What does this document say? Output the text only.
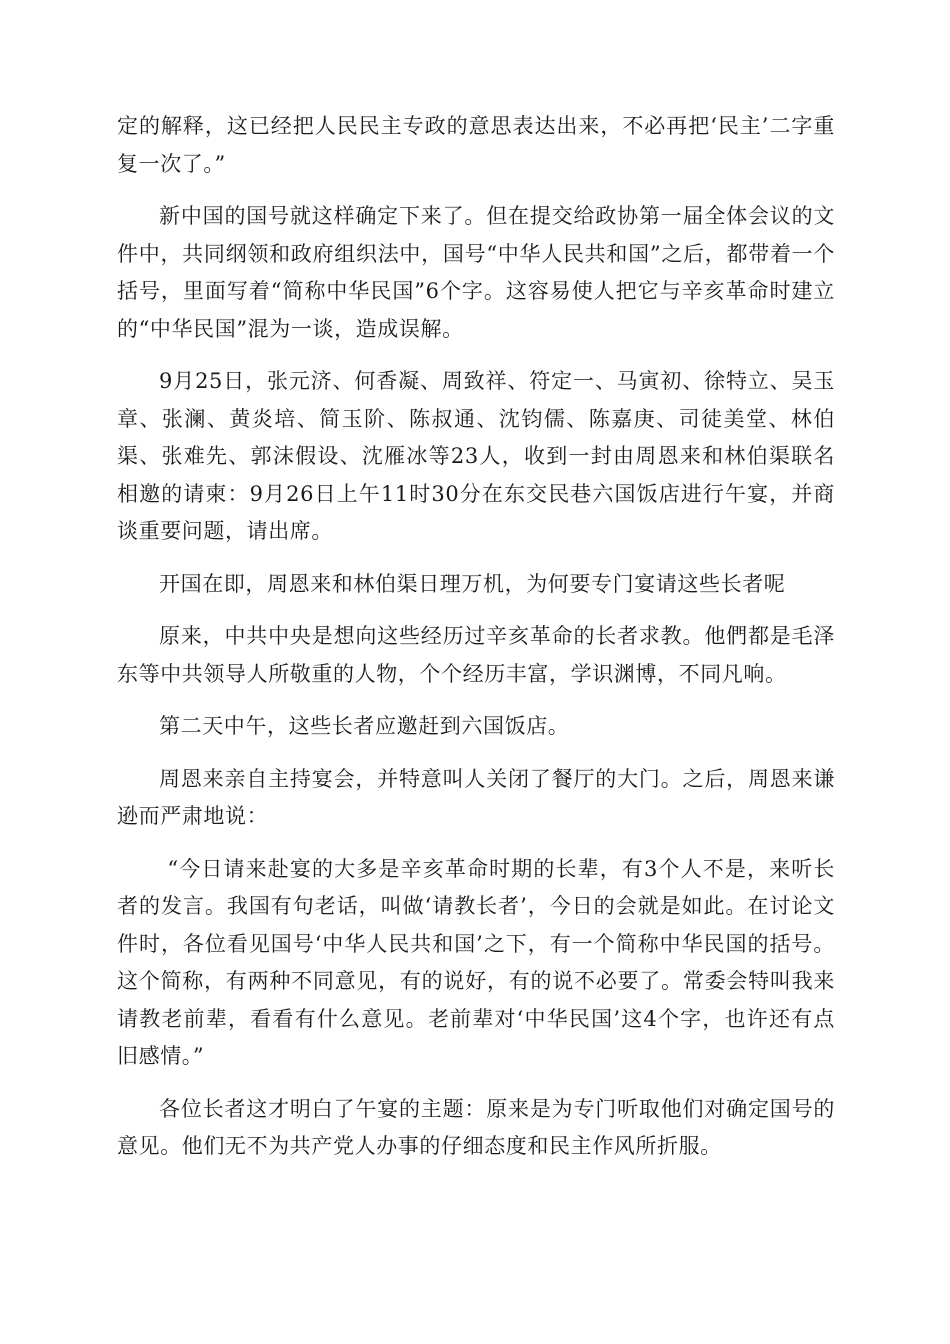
定的解释，这已经把人民民主专政的意思表达出来，不必再把‘民主’二字重复一次了。”

新中国的国号就这样确定下来了。但在提交给政协第一届全体会议的文件中，共同纲领和政府组织法中，国号“中华人民共和国”之后，都带着一个括号，里面写着“简称中华民国”6个字。这容易使人把它与辛亥革命时建立的“中华民国”混为一谈，造成误解。

9月25日，张元济、何香凝、周致祥、符定一、马寅初、徐特立、吴玉章、张澜、黄炎培、简玉阶、陈叔通、沈钧儒、陈嘉庚、司徒美堂、林伯渠、张难先、郭沫假设、沈雁冰等23人，收到一封由周恩来和林伯渠联名相邀的请柬：9月26日上午11时30分在东交民巷六国饭店进行午宴，并商谈重要问题，请出席。

开国在即，周恩来和林伯渠日理万机，为何要专门宴请这些长者呢

原来，中共中央是想向这些经历过辛亥革命的长者求教。他們都是毛泽东等中共领导人所敬重的人物，个个经历丰富，学识渊博，不同凡响。

第二天中午，这些长者应邀赶到六国饭店。

周恩来亲自主持宴会，并特意叫人关闭了餐厅的大门。之后，周恩来谦逊而严肃地说：

“今日请来赴宴的大多是辛亥革命时期的长辈，有3个人不是，来听长者的发言。我国有句老话，叫做‘请教长者’，今日的会就是如此。在讨论文件时，各位看见国号‘中华人民共和国’之下，有一个简称中华民国的括号。这个简称，有两种不同意见，有的说好，有的说不必要了。常委会特叫我来请教老前辈，看看有什么意见。老前辈对‘中华民国’这4个字，也许还有点旧感情。”

各位长者这才明白了午宴的主题：原来是为专门听取他们对确定国号的意见。他们无不为共产党人办事的仔细态度和民主作风所折服。
